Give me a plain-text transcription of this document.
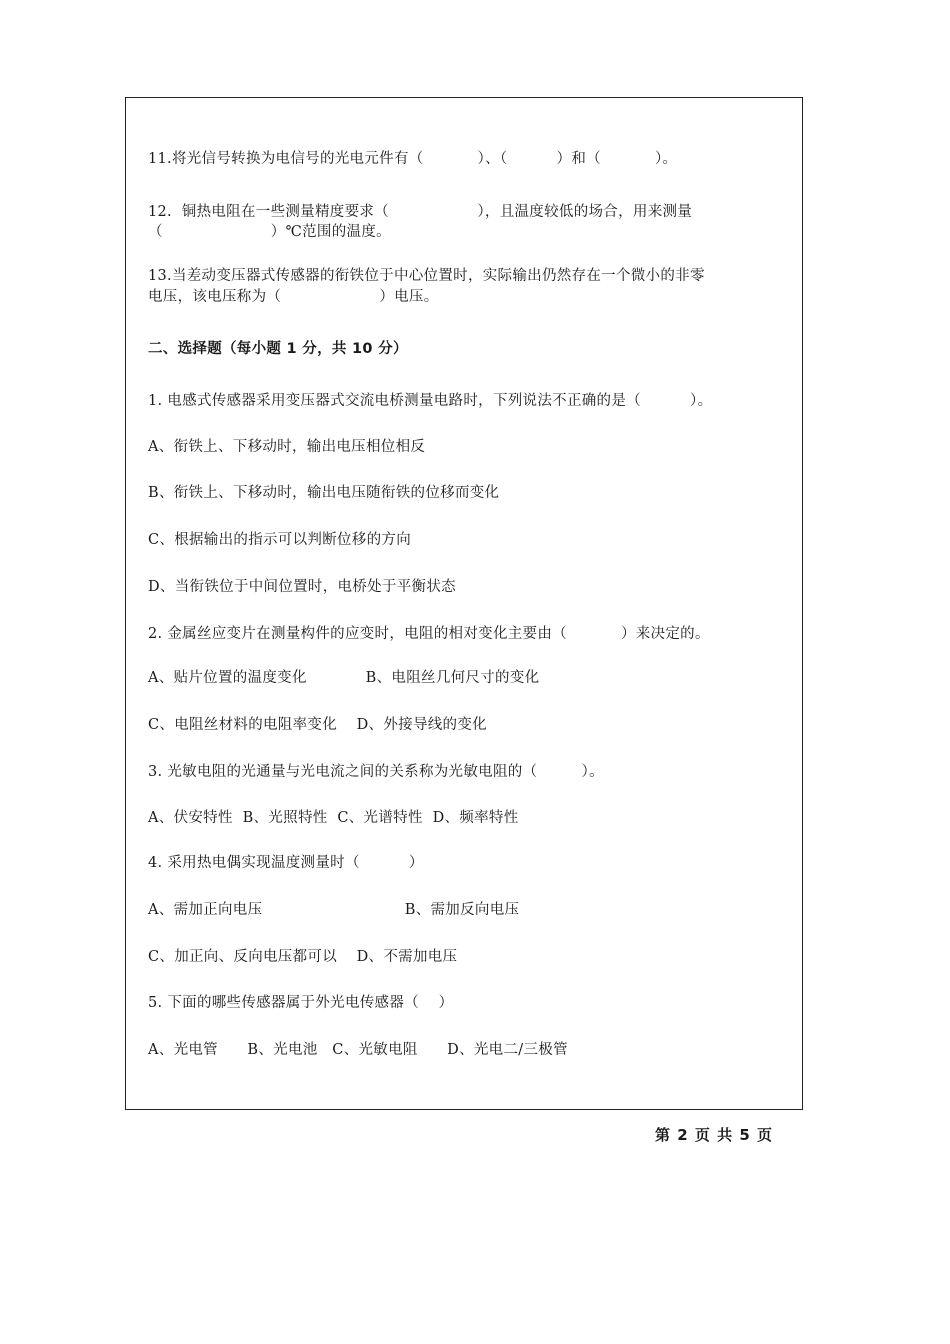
11.将光信号转换为电信号的光电元件有（           ）、（          ）和（           ）。
12.  铜热电阻在一些测量精度要求（                  ），且温度较低的场合，用来测量
（                      ）℃范围的温度。
13.当差动变压器式传感器的衔铁位于中心位置时，实际输出仍然存在一个微小的非零
电压，该电压称为（                    ）电压。
二、选择题（每小题 1 分，共 10 分）
1. 电感式传感器采用变压器式交流电桥测量电路时，下列说法不正确的是（          ）。
A、衔铁上、下移动时，输出电压相位相反
B、衔铁上、下移动时，输出电压随衔铁的位移而变化
C、根据输出的指示可以判断位移的方向
D、当衔铁位于中间位置时，电桥处于平衡状态
2. 金属丝应变片在测量构件的应变时，电阻的相对变化主要由（           ）来决定的。
A、贴片位置的温度变化            B、电阻丝几何尺寸的变化
C、电阻丝材料的电阻率变化    D、外接导线的变化
3. 光敏电阻的光通量与光电流之间的关系称为光敏电阻的（         ）。
A、伏安特性  B、光照特性  C、光谱特性  D、频率特性
4. 采用热电偶实现温度测量时（          ）
A、需加正向电压                             B、需加反向电压
C、加正向、反向电压都可以    D、不需加电压
5. 下面的哪些传感器属于外光电传感器（    ）
A、光电管      B、光电池   C、光敏电阻      D、光电二/三极管
第 2 页 共 5 页
